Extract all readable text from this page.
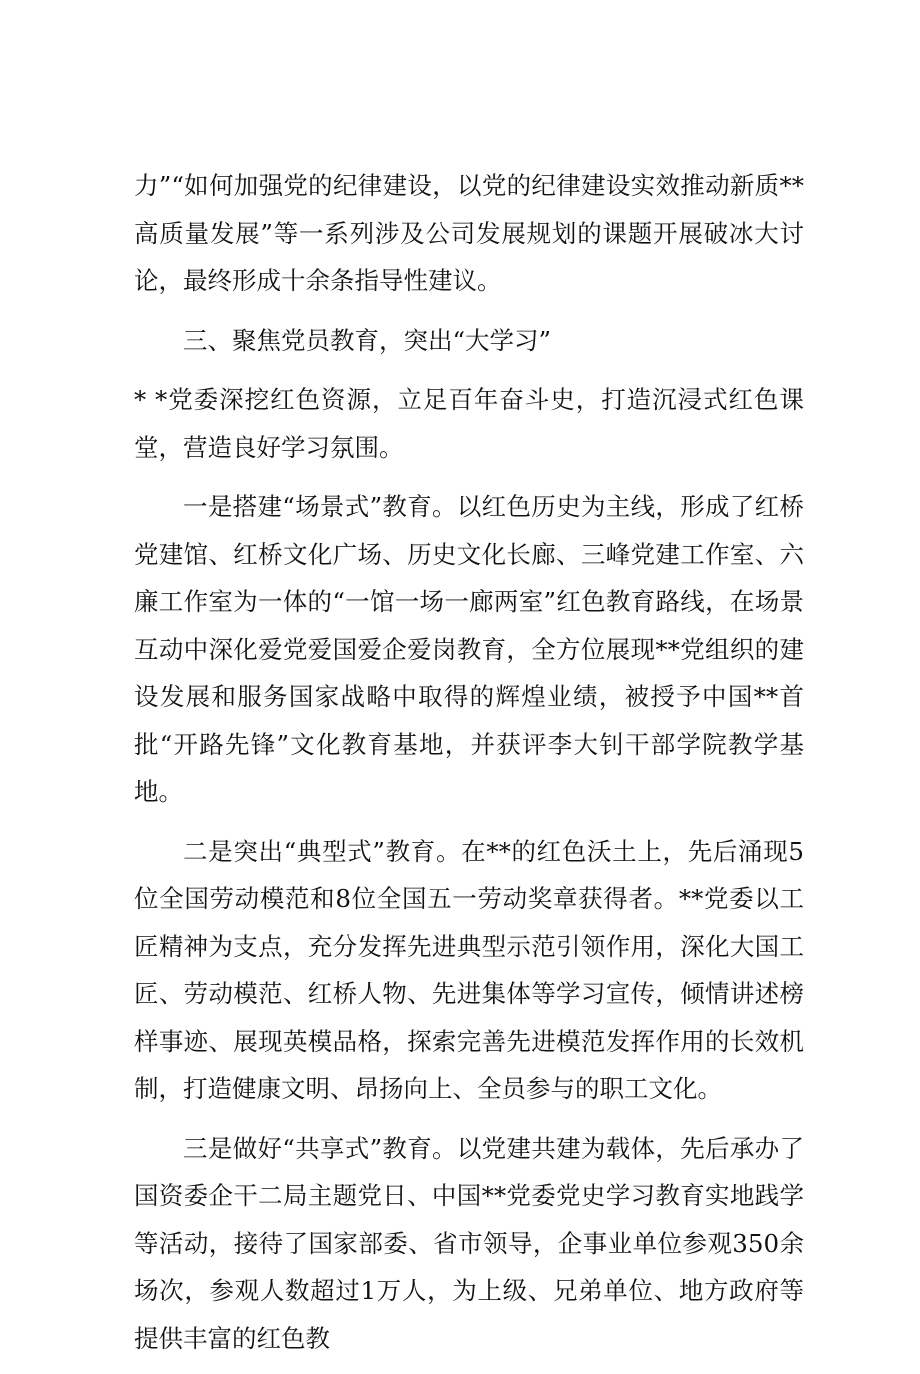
力”“如何加强党的纪律建设，以党的纪律建设实效推动新质**高质量发展”等一系列涉及公司发展规划的课题开展破冰大讨论，最终形成十余条指导性建议。

三、聚焦党员教育，突出“大学习”

* *党委深挖红色资源，立足百年奋斗史，打造沉浸式红色课堂，营造良好学习氛围。

一是搭建“场景式”教育。以红色历史为主线，形成了红桥党建馆、红桥文化广场、历史文化长廊、三峰党建工作室、六廉工作室为一体的“一馆一场一廊两室”红色教育路线，在场景互动中深化爱党爱国爱企爱岗教育，全方位展现**党组织的建设发展和服务国家战略中取得的辉煌业绩，被授予中国**首批“开路先锋”文化教育基地，并获评李大钊干部学院教学基地。

二是突出“典型式”教育。在**的红色沃土上，先后涌现5位全国劳动模范和8位全国五一劳动奖章获得者。**党委以工匠精神为支点，充分发挥先进典型示范引领作用，深化大国工匠、劳动模范、红桥人物、先进集体等学习宣传，倾情讲述榜样事迹、展现英模品格，探索完善先进模范发挥作用的长效机制，打造健康文明、昂扬向上、全员参与的职工文化。

三是做好“共享式”教育。以党建共建为载体，先后承办了国资委企干二局主题党日、中国**党委党史学习教育实地践学等活动，接待了国家部委、省市领导，企事业单位参观350余场次，参观人数超过1万人，为上级、兄弟单位、地方政府等提供丰富的红色教
